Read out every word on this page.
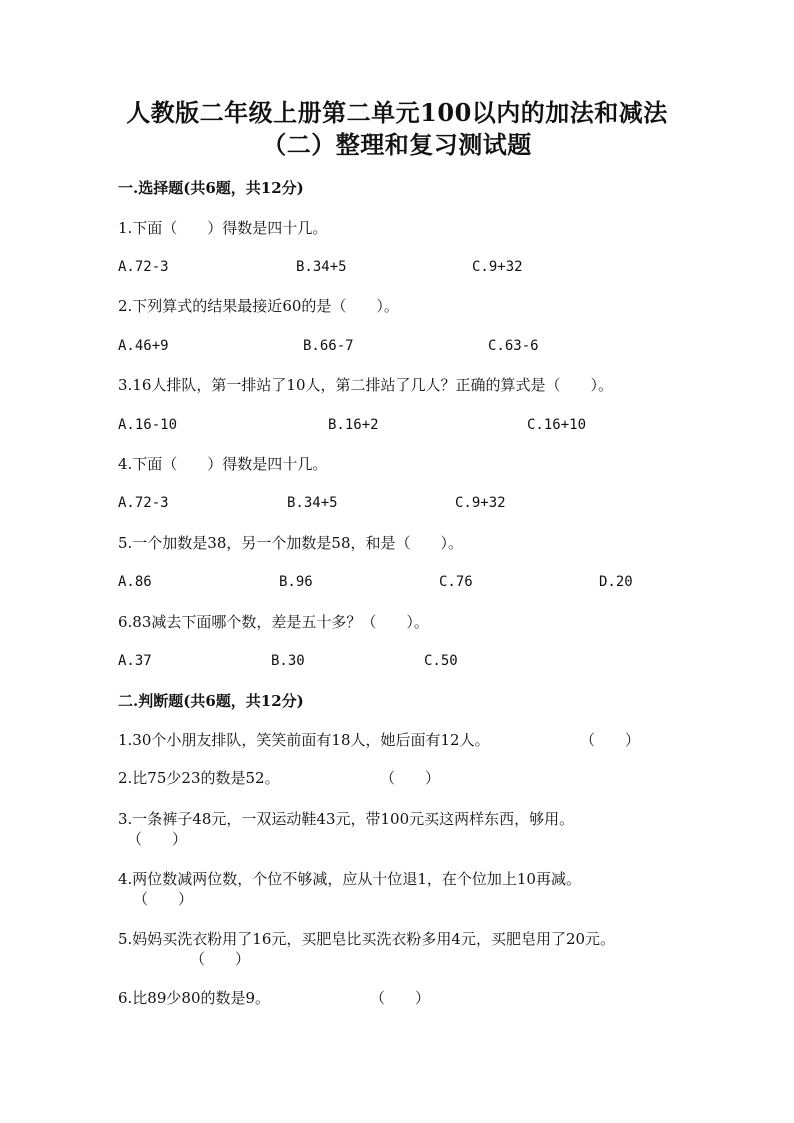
人教版二年级上册第二单元100以内的加法和减法
（二）整理和复习测试题
一.选择题(共6题，共12分)
1.下面（　　）得数是四十几。
A.72-3	B.34+5	C.9+32
2.下列算式的结果最接近60的是（　　）。
A.46+9	B.66-7	C.63-6
3.16人排队，第一排站了10人，第二排站了几人？正确的算式是（　　）。
A.16-10	B.16+2	C.16+10
4.下面（　　）得数是四十几。
A.72-3	B.34+5	C.9+32
5.一个加数是38，另一个加数是58，和是（　　）。
A.86	B.96	C.76	D.20
6.83减去下面哪个数，差是五十多？（　　）。
A.37	B.30	C.50
二.判断题(共6题，共12分)
1.30个小朋友排队，笑笑前面有18人，她后面有12人。	（　　）
2.比75少23的数是52。	（　　）
3.一条裤子48元，一双运动鞋43元，带100元买这两样东西，够用。
（　　）
4.两位数减两位数，个位不够减，应从十位退1，在个位加上10再减。
（　　）
5.妈妈买洗衣粉用了16元，买肥皂比买洗衣粉多用4元，买肥皂用了20元。
（　　）
6.比89少80的数是9。	（　　）
